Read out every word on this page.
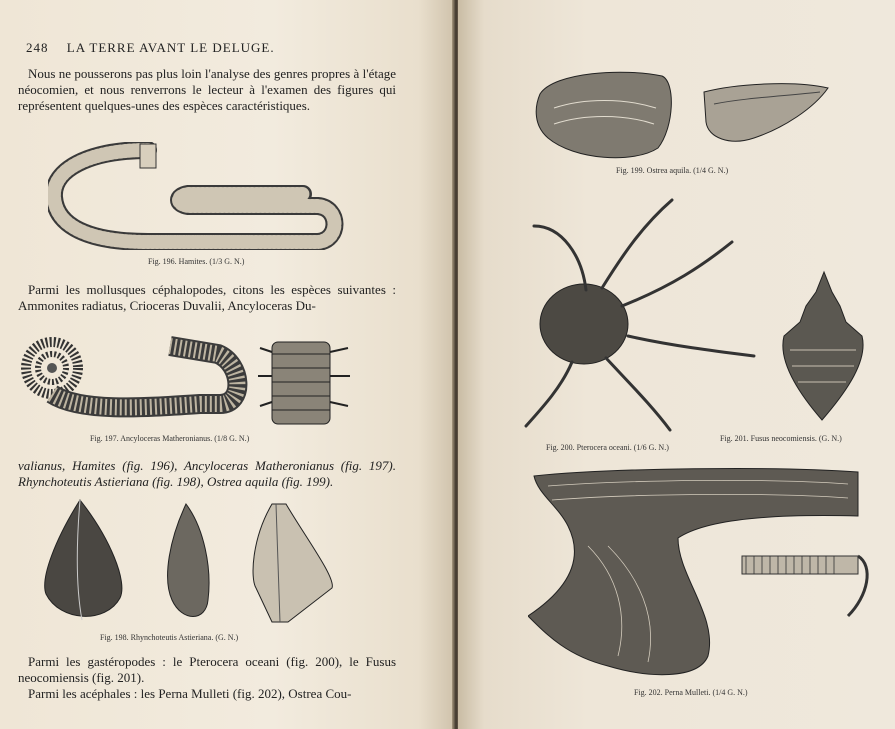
248 LA TERRE AVANT LE DELUGE.
Nous ne pousserons pas plus loin l'analyse des genres propres à l'étage néocomien, et nous renverrons le lecteur à l'examen des figures qui représentent quelques-unes des espèces caractéristiques.
Fig. 196. Hamites. (1/3 G. N.)
Parmi les mollusques céphalopodes, citons les espèces suivantes : Ammonites radiatus, Crioceras Duvalii, Ancyloceras Du-
Fig. 197. Ancyloceras Matheronianus. (1/8 G. N.)
valianus, Hamites (fig. 196), Ancyloceras Matheronianus (fig. 197). Rhynchoteutis Astieriana (fig. 198), Ostrea aquila (fig. 199).
Fig. 198. Rhynchoteutis Astieriana. (G. N.)
Parmi les gastéropodes : le Pterocera oceani (fig. 200), le Fusus neocomiensis (fig. 201).
Parmi les acéphales : les Perna Mulleti (fig. 202), Ostrea Cou-
Fig. 199. Ostrea aquila. (1/4 G. N.)
Fig. 200. Pterocera oceani. (1/6 G. N.)
Fig. 201. Fusus neocomiensis. (G. N.)
Fig. 202. Perna Mulleti. (1/4 G. N.)
